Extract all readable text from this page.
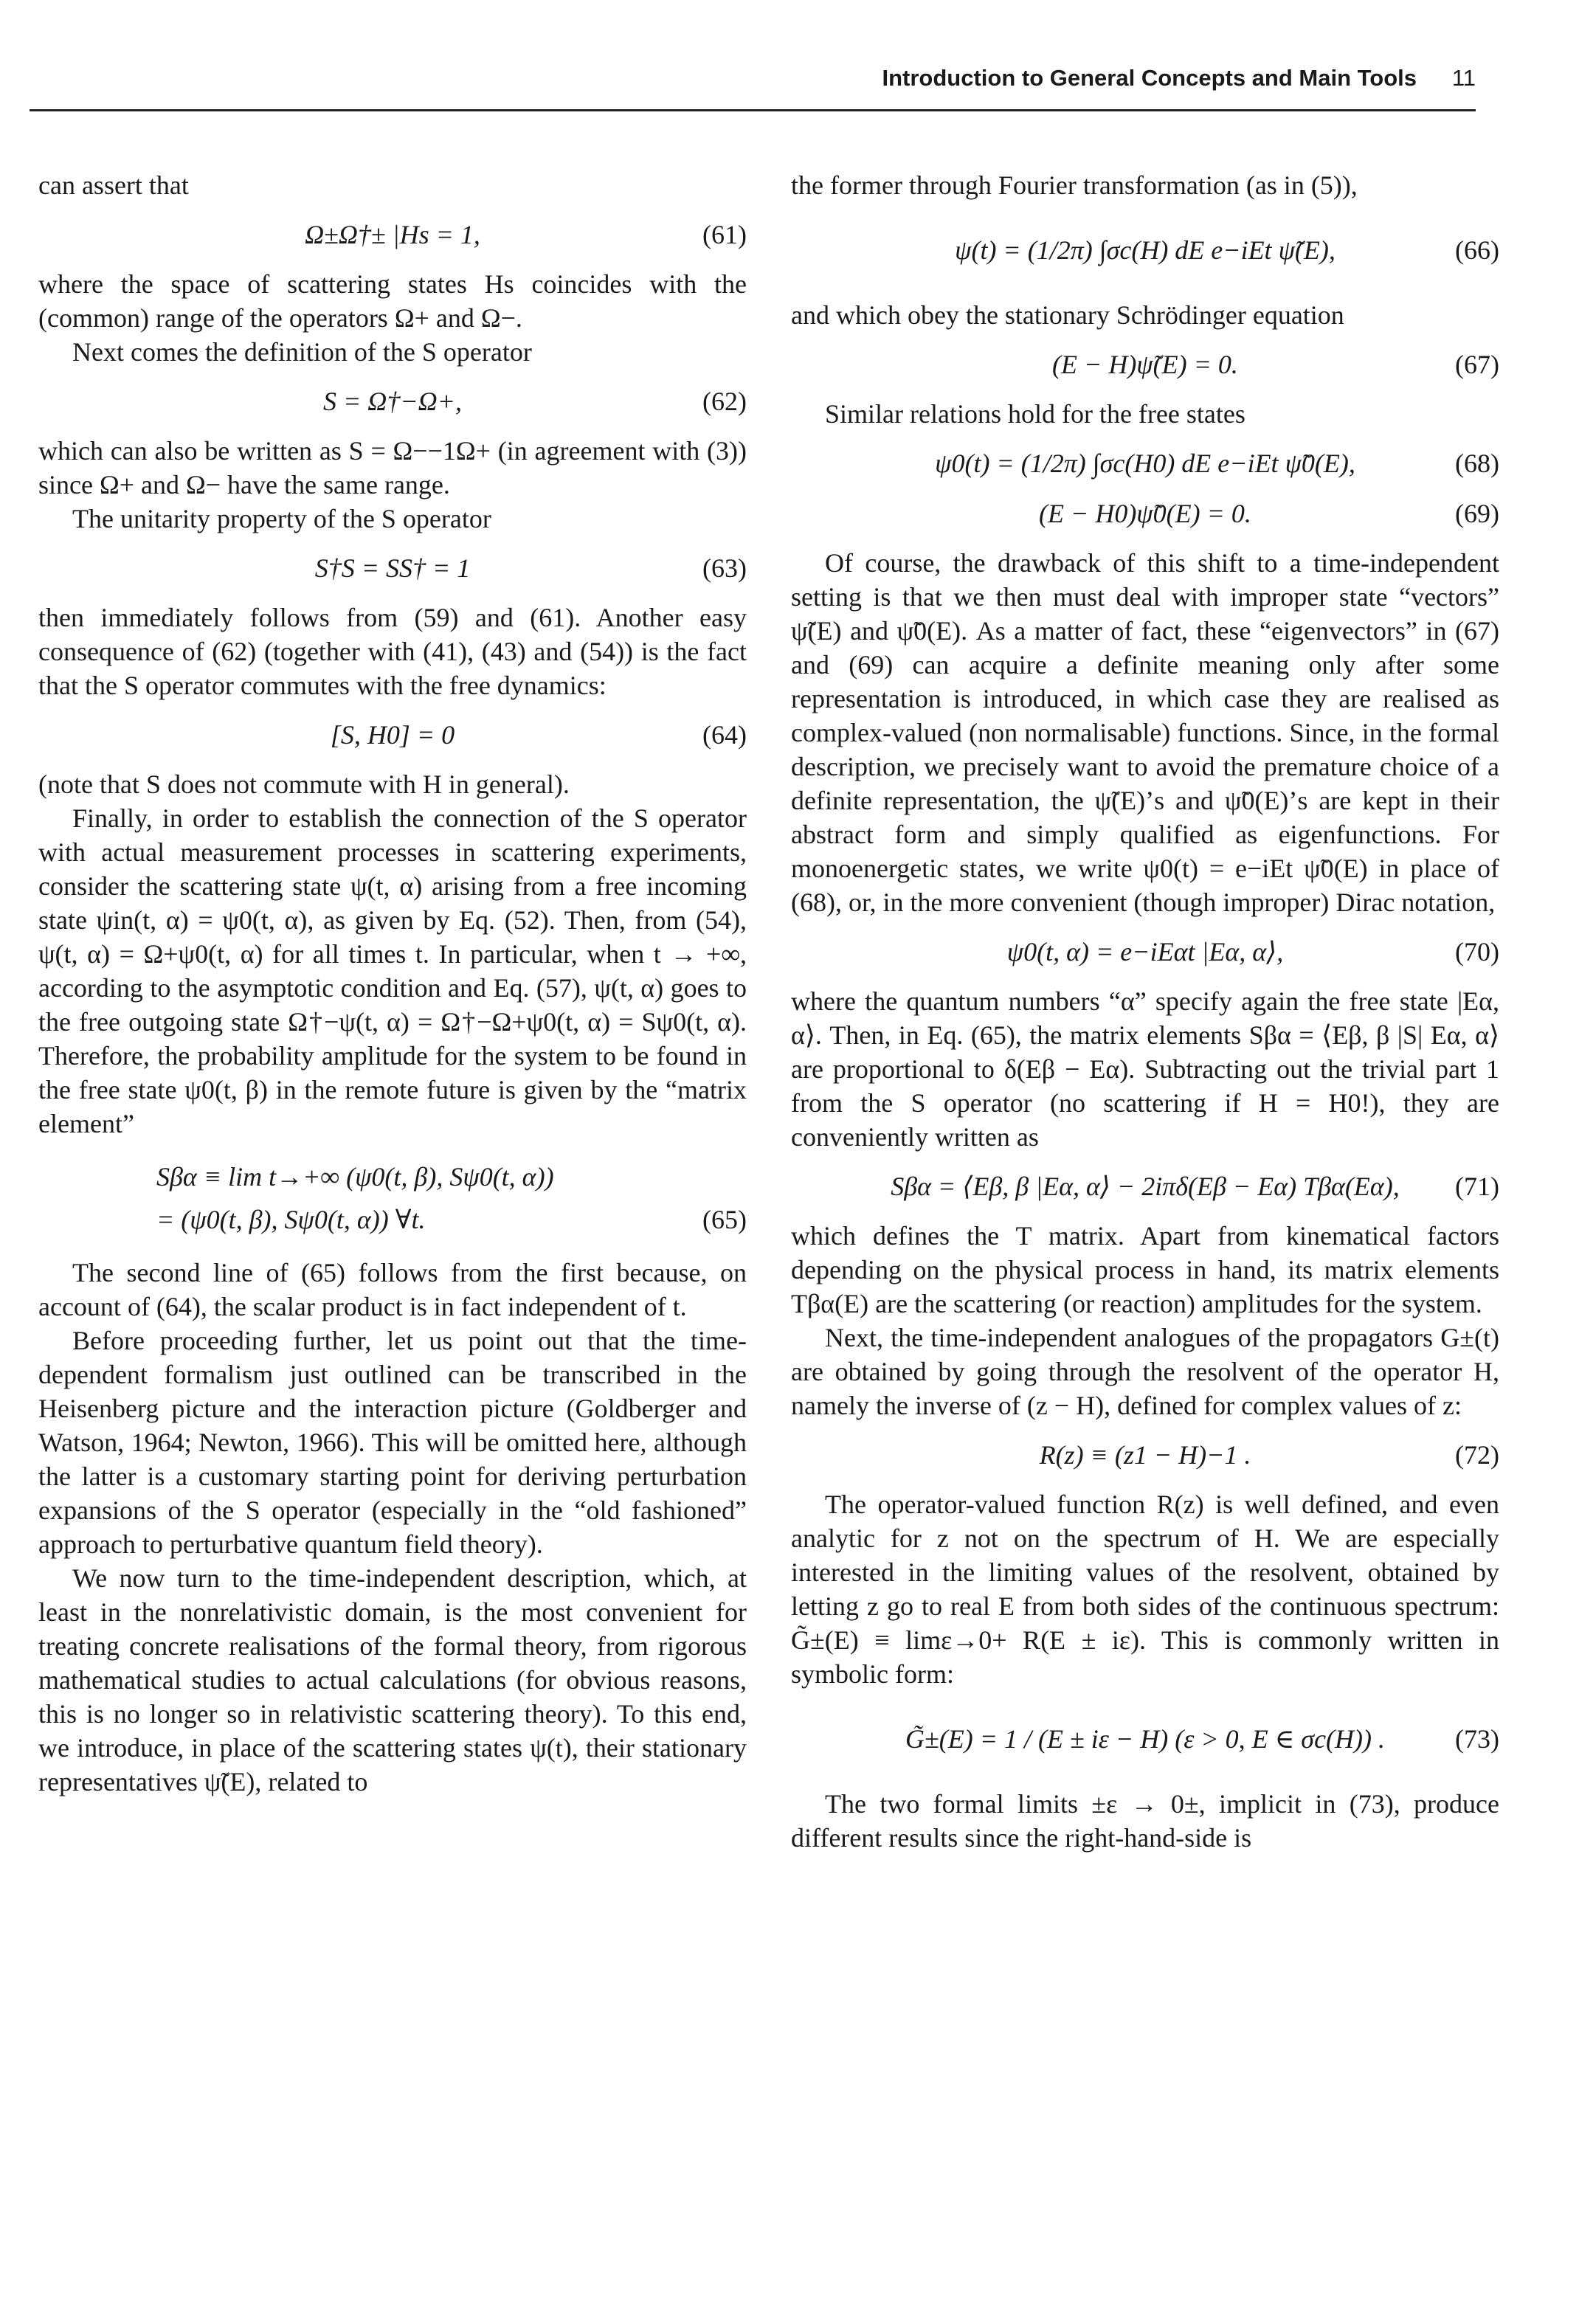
Introduction to General Concepts and Main Tools 11

can assert that

Ω±Ω†± |Hs = 1,	(61)

where the space of scattering states Hs coincides with the (common) range of the operators Ω+ and Ω−.

Next comes the definition of the S operator

S = Ω†−Ω+,	(62)

which can also be written as S = Ω−−1Ω+ (in agreement with (3)) since Ω+ and Ω− have the same range.

The unitarity property of the S operator

S†S = SS† = 1	(63)

then immediately follows from (59) and (61). Another easy consequence of (62) (together with (41), (43) and (54)) is the fact that the S operator commutes with the free dynamics:

[S, H0] = 0	(64)

(note that S does not commute with H in general).

Finally, in order to establish the connection of the S operator with actual measurement processes in scattering experiments, consider the scattering state ψ(t, α) arising from a free incoming state ψin(t, α) = ψ0(t, α), as given by Eq. (52). Then, from (54), ψ(t, α) = Ω+ψ0(t, α) for all times t. In particular, when t → +∞, according to the asymptotic condition and Eq. (57), ψ(t, α) goes to the free outgoing state Ω†−ψ(t, α) = Ω†−Ω+ψ0(t, α) = Sψ0(t, α). Therefore, the probability amplitude for the system to be found in the free state ψ0(t, β) in the remote future is given by the “matrix element”

Sβα ≡ lim t→+∞ (ψ0(t, β), Sψ0(t, α))
= (ψ0(t, β), Sψ0(t, α)) ∀t.	(65)

The second line of (65) follows from the first because, on account of (64), the scalar product is in fact independent of t.

Before proceeding further, let us point out that the time-dependent formalism just outlined can be transcribed in the Heisenberg picture and the interaction picture (Goldberger and Watson, 1964; Newton, 1966). This will be omitted here, although the latter is a customary starting point for deriving perturbation expansions of the S operator (especially in the “old fashioned” approach to perturbative quantum field theory).

We now turn to the time-independent description, which, at least in the nonrelativistic domain, is the most convenient for treating concrete realisations of the formal theory, from rigorous mathematical studies to actual calculations (for obvious reasons, this is no longer so in relativistic scattering theory). To this end, we introduce, in place of the scattering states ψ(t), their stationary representatives ψ̃(E), related to

the former through Fourier transformation (as in (5)),

ψ(t) = (1/2π) ∫σc(H) dE e−iEt ψ̃(E),	(66)

and which obey the stationary Schrödinger equation

(E − H)ψ̃(E) = 0.	(67)

Similar relations hold for the free states

ψ0(t) = (1/2π) ∫σc(H0) dE e−iEt ψ̃0(E),	(68)
(E − H0)ψ̃0(E) = 0.	(69)

Of course, the drawback of this shift to a time-independent setting is that we then must deal with improper state “vectors” ψ̃(E) and ψ̃0(E). As a matter of fact, these “eigenvectors” in (67) and (69) can acquire a definite meaning only after some representation is introduced, in which case they are realised as complex-valued (non normalisable) functions. Since, in the formal description, we precisely want to avoid the premature choice of a definite representation, the ψ̃(E)’s and ψ̃0(E)’s are kept in their abstract form and simply qualified as eigenfunctions. For monoenergetic states, we write ψ0(t) = e−iEt ψ̃0(E) in place of (68), or, in the more convenient (though improper) Dirac notation,

ψ0(t, α) = e−iEαt |Eα, α⟩,	(70)

where the quantum numbers “α” specify again the free state |Eα, α⟩. Then, in Eq. (65), the matrix elements Sβα = ⟨Eβ, β |S| Eα, α⟩ are proportional to δ(Eβ − Eα). Subtracting out the trivial part 1 from the S operator (no scattering if H = H0!), they are conveniently written as

Sβα = ⟨Eβ, β |Eα, α⟩ − 2iπδ(Eβ − Eα) Tβα(Eα), (71)

which defines the T matrix. Apart from kinematical factors depending on the physical process in hand, its matrix elements Tβα(E) are the scattering (or reaction) amplitudes for the system.

Next, the time-independent analogues of the propagators G±(t) are obtained by going through the resolvent of the operator H, namely the inverse of (z − H), defined for complex values of z:

R(z) ≡ (z1 − H)−1 .	(72)

The operator-valued function R(z) is well defined, and even analytic for z not on the spectrum of H. We are especially interested in the limiting values of the resolvent, obtained by letting z go to real E from both sides of the continuous spectrum: G̃±(E) ≡ limε→0+ R(E ± iε). This is commonly written in symbolic form:

G̃±(E) = 1 / (E ± iε − H) (ε > 0, E ∈ σc(H)) .	(73)

The two formal limits ±ε → 0±, implicit in (73), produce different results since the right-hand-side is
